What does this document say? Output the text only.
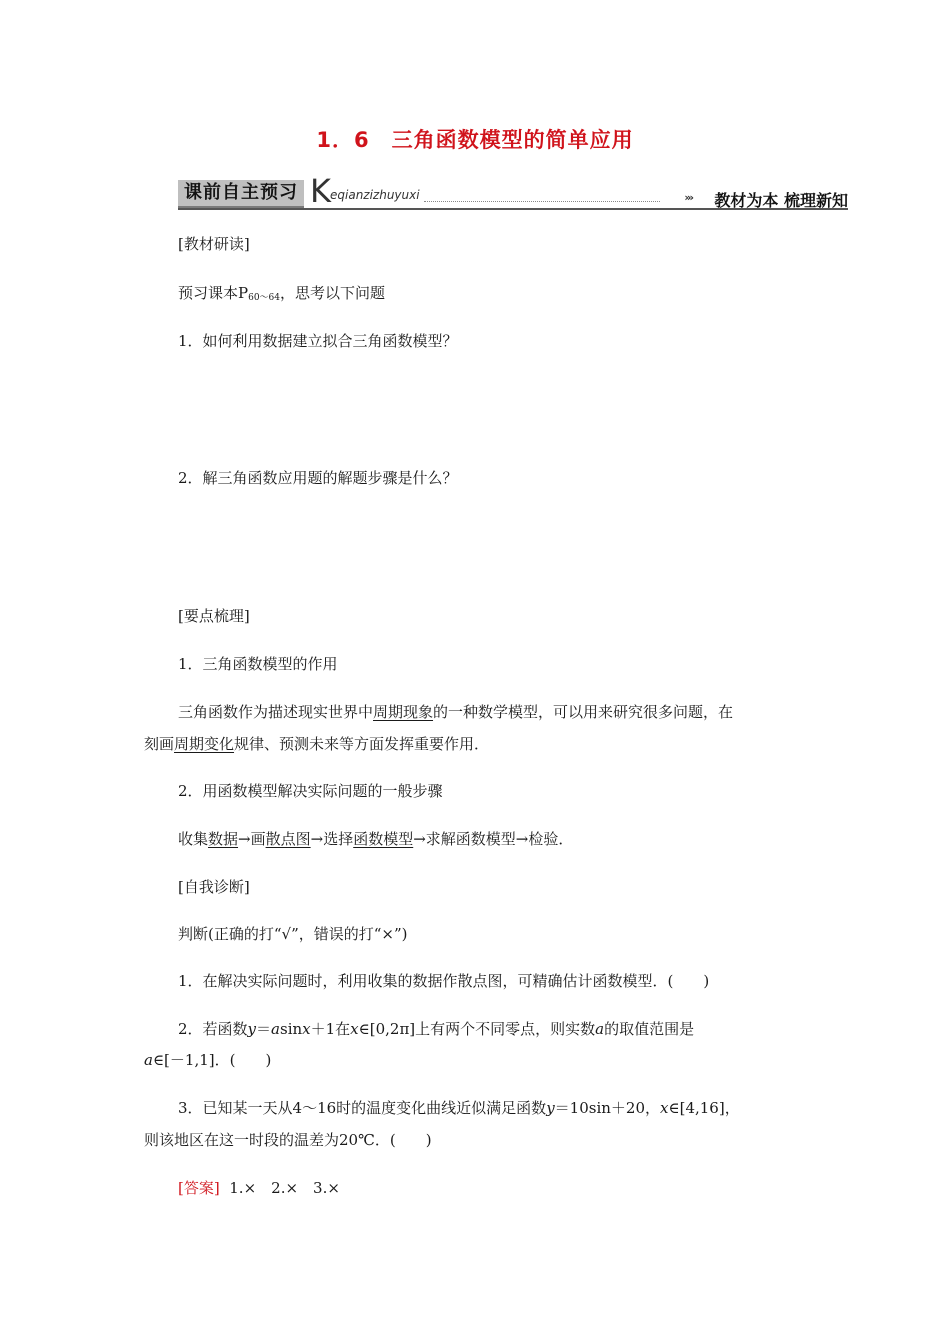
1．6　三角函数模型的简单应用
课前自主预习 K eqianzizhuyuxi	››› 教材为本 梳理新知
[教材研读]
预习课本$P_{60\sim 64}$，思考以下问题
1．如何利用数据建立拟合三角函数模型？
2．解三角函数应用题的解题步骤是什么？
[要点梳理]
1．三角函数模型的作用
三角函数作为描述现实世界中周期现象的一种数学模型，可以用来研究很多问题，在
刻画周期变化规律、预测未来等方面发挥重要作用．
2．用函数模型解决实际问题的一般步骤
收集数据→画散点图→选择函数模型→求解函数模型→检验．
[自我诊断]
判断(正确的打“√”，错误的打“×”)
1．在解决实际问题时，利用收集的数据作散点图，可精确估计函数模型．(　　)
2．若函数y＝asinx＋1在x∈[0,2π]上有两个不同零点，则实数a的取值范围是
a∈[－1,1]．(　　)
3．已知某一天从4～16时的温度变化曲线近似满足函数y＝10sin＋20，x∈[4,16]，
则该地区在这一时段的温差为20℃．(　　)
[答案] 1.×　2.×　3.×
